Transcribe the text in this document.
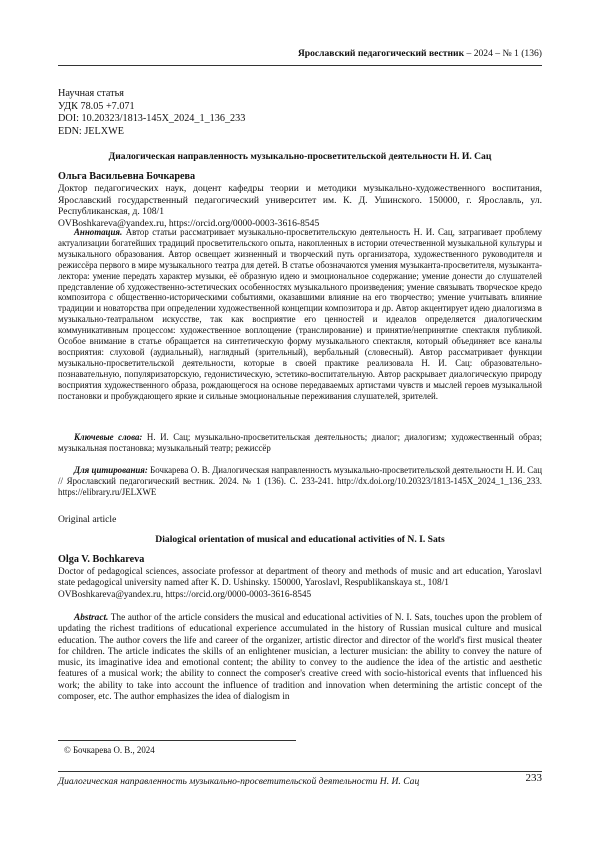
Ярославский педагогический вестник – 2024 – № 1 (136)
Научная статья
УДК 78.05 +7.071
DOI: 10.20323/1813-145X_2024_1_136_233
EDN: JELXWE
Диалогическая направленность музыкально-просветительской деятельности Н. И. Сац
Ольга Васильевна Бочкарева
Доктор педагогических наук, доцент кафедры теории и методики музыкально-художественного воспитания, Ярославский государственный педагогический университет им. К. Д. Ушинского. 150000, г. Ярославль, ул. Республиканская, д. 108/1
OVBoshkareva@yandex.ru, https://orcid.org/0000-0003-3616-8545

Аннотация. Автор статьи рассматривает музыкально-просветительскую деятельность Н. И. Сац, затрагивает проблему актуализации богатейших традиций просветительского опыта, накопленных в истории отечественной музыкальной культуры и музыкального образования. Автор освещает жизненный и творческий путь организатора, художественного руководителя и режиссёра первого в мире музыкального театра для детей. В статье обозначаются умения музыканта-просветителя, музыканта-лектора: умение передать характер музыки, её образную идею и эмоциональное содержание; умение донести до слушателей представление об художественно-эстетических особенностях музыкального произведения; умение связывать творческое кредо композитора с общественно-историческими событиями, оказавшими влияние на его творчество; умение учитывать влияние традиции и новаторства при определении художественной концепции композитора и др. Автор акцентирует идею диалогизма в музыкально-театральном искусстве, так как восприятие его ценностей и идеалов определяется диалогическим коммуникативным процессом: художественное воплощение (транслирование) и принятие/непринятие спектакля публикой. Особое внимание в статье обращается на синтетическую форму музыкального спектакля, который объединяет все каналы восприятия: слуховой (аудиальный), наглядный (зрительный), вербальный (словесный). Автор рассматривает функции музыкально-просветительской деятельности, которые в своей практике реализовала Н. И. Сац: образовательно-познавательную, популяризаторскую, гедонистическую, эстетико-воспитательную. Автор раскрывает диалогическую природу восприятия художественного образа, рождающегося на основе передаваемых артистами чувств и мыслей героев музыкальной постановки и пробуждающего яркие и сильные эмоциональные переживания слушателей, зрителей.

Ключевые слова: Н. И. Сац; музыкально-просветительская деятельность; диалог; диалогизм; художественный образ; музыкальная постановка; музыкальный театр; режиссёр

Для цитирования: Бочкарева О. В. Диалогическая направленность музыкально-просветительской деятельности Н. И. Сац // Ярославский педагогический вестник. 2024. № 1 (136). С. 233-241. http://dx.doi.org/10.20323/1813-145X_2024_1_136_233. https://elibrary.ru/JELXWE

Original article
Dialogical orientation of musical and educational activities of N. I. Sats
Olga V. Bochkareva
Doctor of pedagogical sciences, associate professor at department of theory and methods of music and art education, Yaroslavl state pedagogical university named after K. D. Ushinsky. 150000, Yaroslavl, Respublikanskaya st., 108/1
OVBoshkareva@yandex.ru, https://orcid.org/0000-0003-3616-8545

Abstract. The author of the article considers the musical and educational activities of N. I. Sats, touches upon the problem of updating the richest traditions of educational experience accumulated in the history of Russian musical culture and musical education. The author covers the life and career of the organizer, artistic director and director of the world's first musical theater for children. The article indicates the skills of an enlightener musician, a lecturer musician: the ability to convey the nature of music, its imaginative idea and emotional content; the ability to convey to the audience the idea of the artistic and aesthetic features of a musical work; the ability to connect the composer's creative creed with socio-historical events that influenced his work; the ability to take into account the influence of tradition and innovation when determining the artistic concept of the composer, etc. The author emphasizes the idea of dialogism in

© Бочкарева О. В., 2024
Диалогическая направленность музыкально-просветительской деятельности Н. И. Сац	233
